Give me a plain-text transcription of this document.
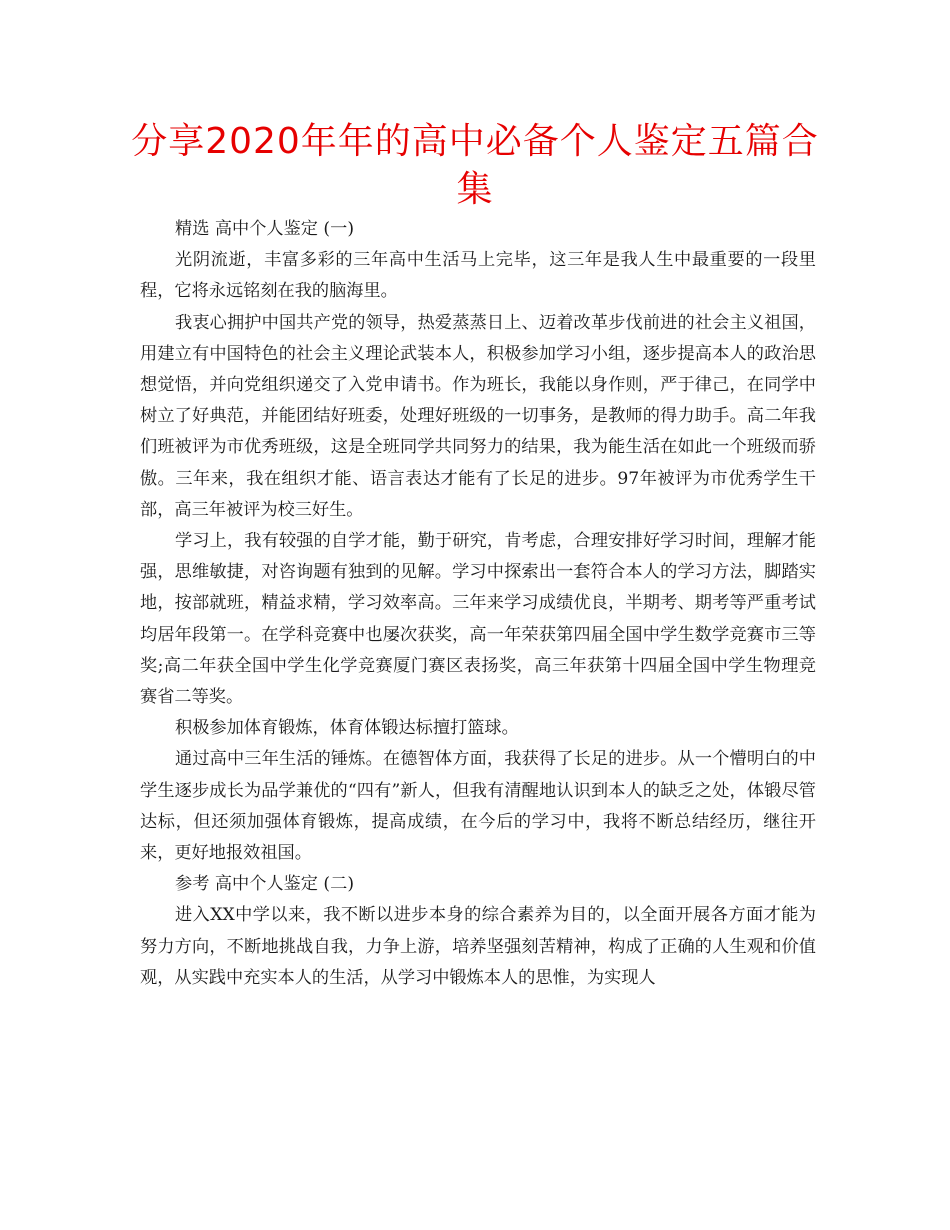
分享2020年年的高中必备个人鉴定五篇合集

精选 高中个人鉴定 (一)

光阴流逝，丰富多彩的三年高中生活马上完毕，这三年是我人生中最重要的一段里程，它将永远铭刻在我的脑海里。

我衷心拥护中国共产党的领导，热爱蒸蒸日上、迈着改革步伐前进的社会主义祖国，用建立有中国特色的社会主义理论武装本人，积极参加学习小组，逐步提高本人的政治思想觉悟，并向党组织递交了入党申请书。作为班长，我能以身作则，严于律己，在同学中树立了好典范，并能团结好班委，处理好班级的一切事务，是教师的得力助手。高二年我们班被评为市优秀班级，这是全班同学共同努力的结果，我为能生活在如此一个班级而骄傲。三年来，我在组织才能、语言表达才能有了长足的进步。97年被评为市优秀学生干部，高三年被评为校三好生。

学习上，我有较强的自学才能，勤于研究，肯考虑，合理安排好学习时间，理解才能强，思维敏捷，对咨询题有独到的见解。学习中探索出一套符合本人的学习方法，脚踏实地，按部就班，精益求精，学习效率高。三年来学习成绩优良，半期考、期考等严重考试均居年段第一。在学科竞赛中也屡次获奖，高一年荣获第四届全国中学生数学竞赛市三等奖;高二年获全国中学生化学竞赛厦门赛区表扬奖，高三年获第十四届全国中学生物理竞赛省二等奖。

积极参加体育锻炼，体育体锻达标擅打篮球。

通过高中三年生活的锤炼。在德智体方面，我获得了长足的进步。从一个懵明白的中学生逐步成长为品学兼优的“四有”新人，但我有清醒地认识到本人的缺乏之处，体锻尽管达标，但还须加强体育锻炼，提高成绩，在今后的学习中，我将不断总结经历，继往开来，更好地报效祖国。

参考 高中个人鉴定 (二)

进入XX中学以来，我不断以进步本身的综合素养为目的，以全面开展各方面才能为努力方向，不断地挑战自我，力争上游，培养坚强刻苦精神，构成了正确的人生观和价值观，从实践中充实本人的生活，从学习中锻炼本人的思惟，为实现人
